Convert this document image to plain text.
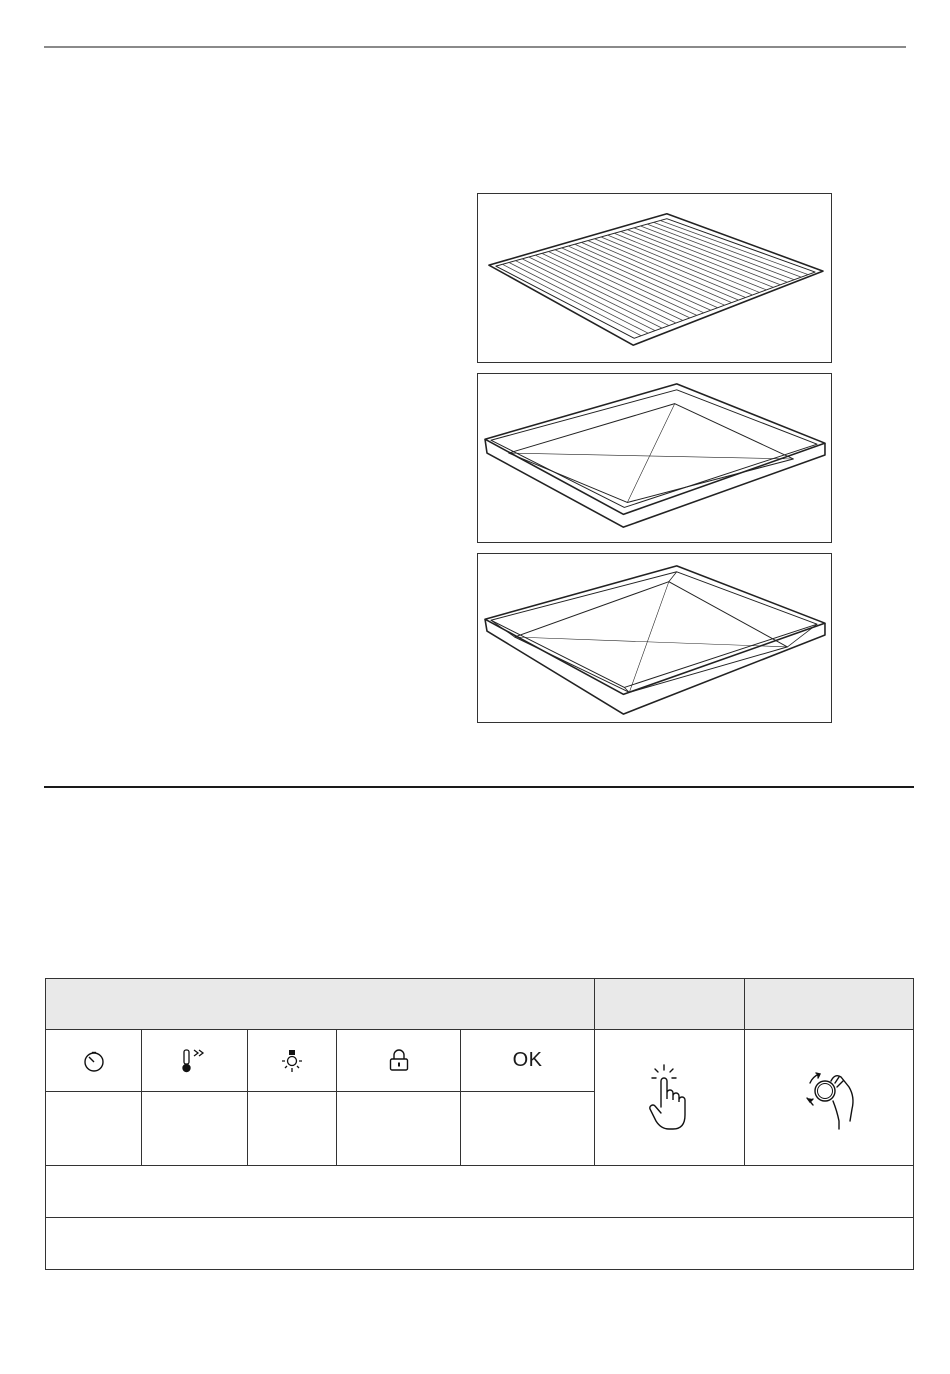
				OK		
